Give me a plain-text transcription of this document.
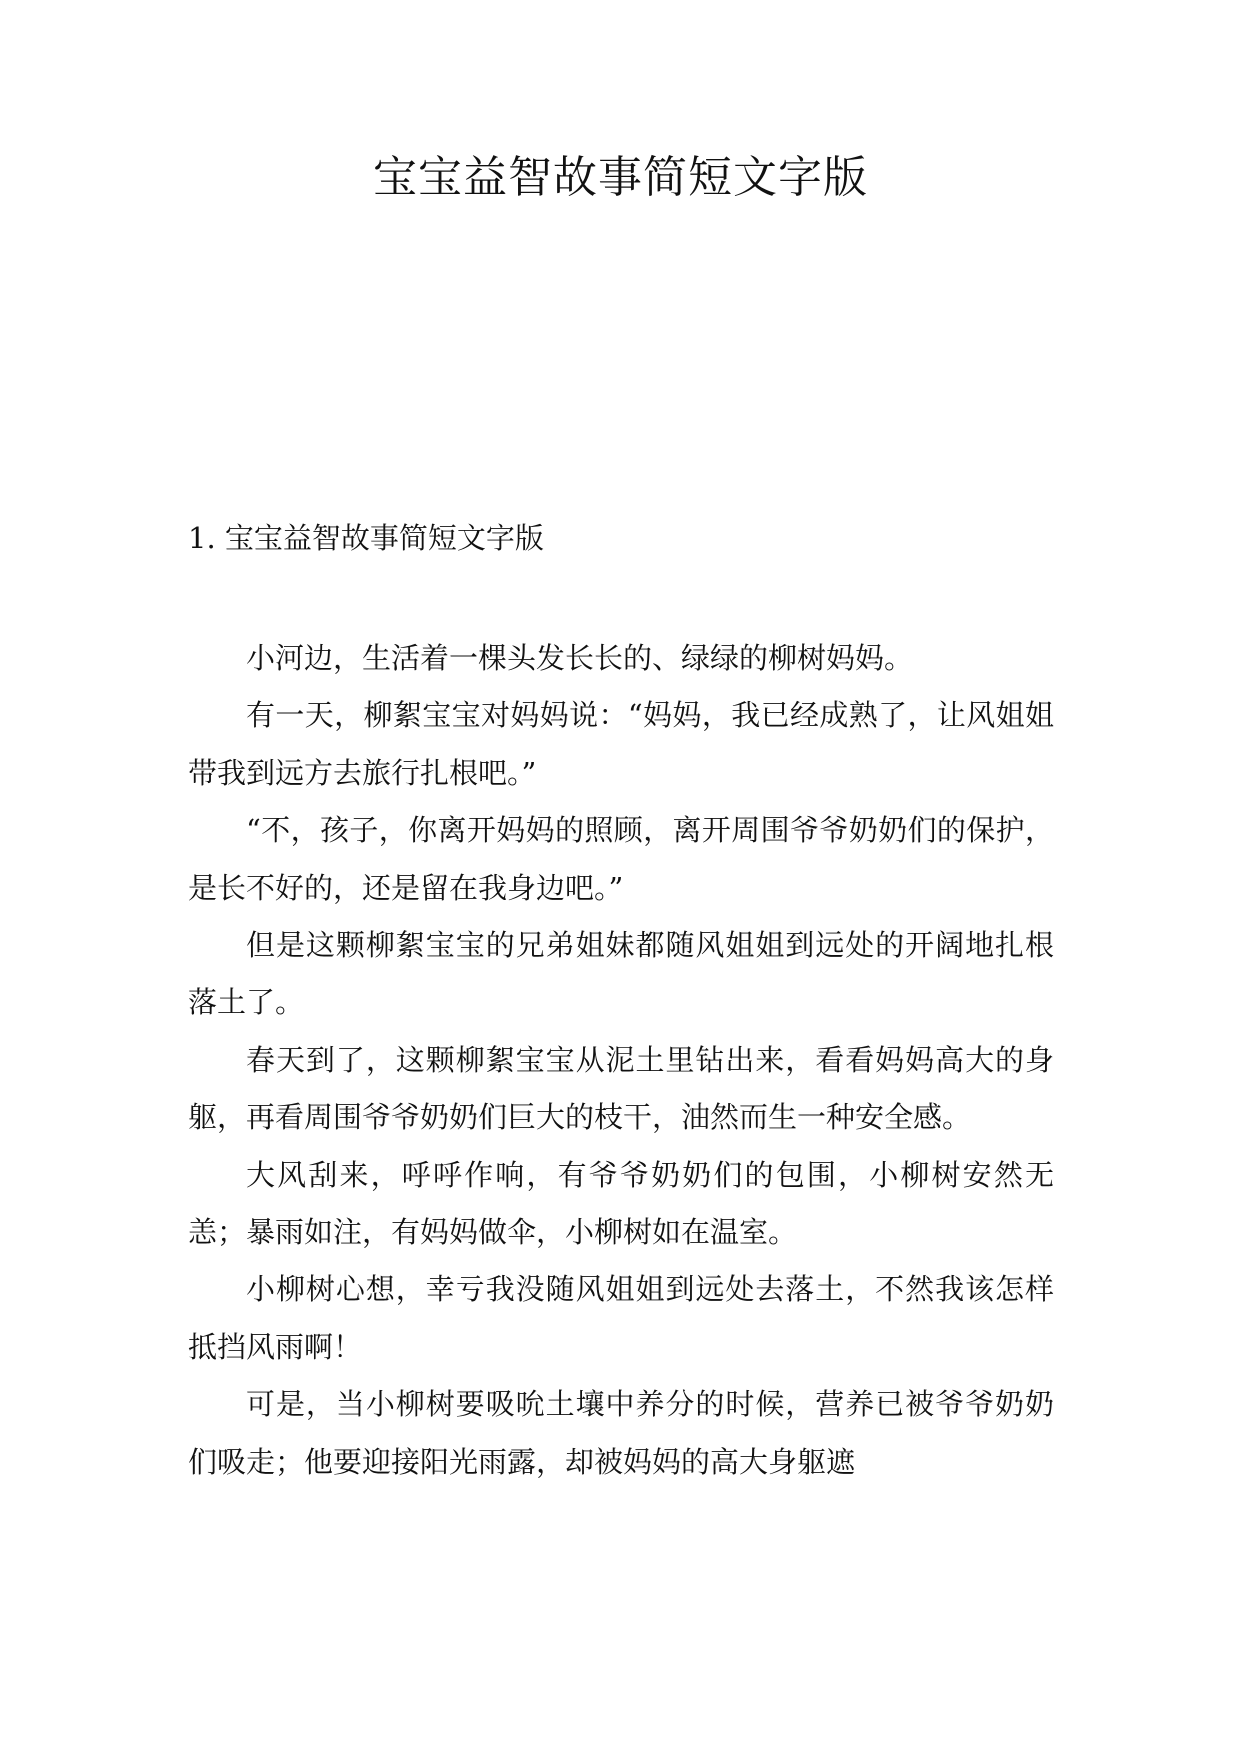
宝宝益智故事简短文字版
1. 宝宝益智故事简短文字版

小河边，生活着一棵头发长长的、绿绿的柳树妈妈。

有一天，柳絮宝宝对妈妈说：“妈妈，我已经成熟了，让风姐姐带我到远方去旅行扎根吧。”

“不，孩子，你离开妈妈的照顾，离开周围爷爷奶奶们的保护，是长不好的，还是留在我身边吧。”

但是这颗柳絮宝宝的兄弟姐妹都随风姐姐到远处的开阔地扎根落土了。

春天到了，这颗柳絮宝宝从泥土里钻出来，看看妈妈高大的身躯，再看周围爷爷奶奶们巨大的枝干，油然而生一种安全感。

大风刮来，呼呼作响，有爷爷奶奶们的包围，小柳树安然无恙；暴雨如注，有妈妈做伞，小柳树如在温室。

小柳树心想，幸亏我没随风姐姐到远处去落土，不然我该怎样抵挡风雨啊！

可是，当小柳树要吸吮土壤中养分的时候，营养已被爷爷奶奶们吸走；他要迎接阳光雨露，却被妈妈的高大身躯遮
